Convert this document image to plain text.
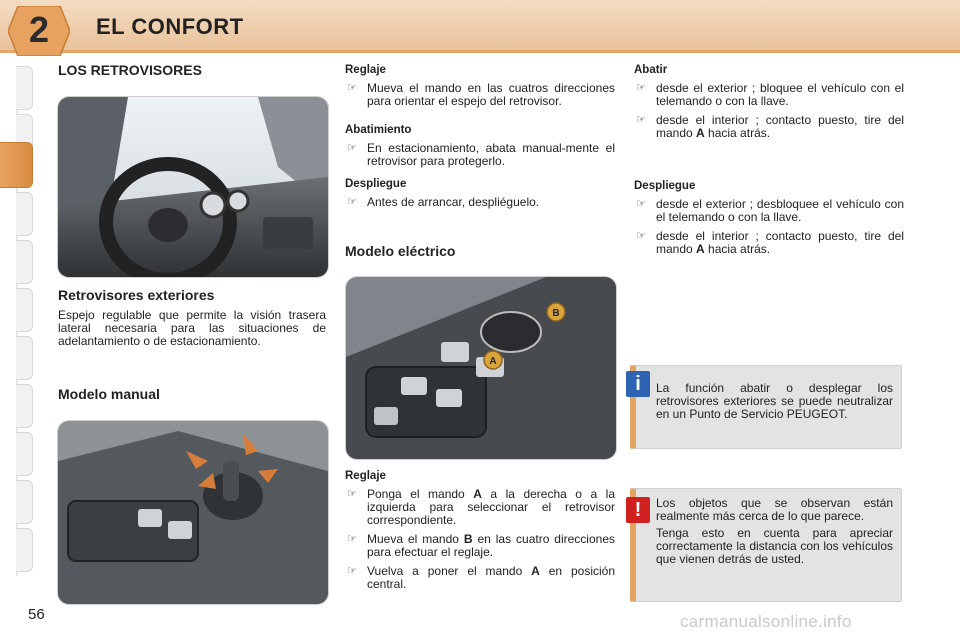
2	EL CONFORT
LOS RETROVISORES
Retrovisores exteriores
Espejo regulable que permite la visión trasera lateral necesaria para las situaciones de adelantamiento o de estacionamiento.
Modelo manual
Reglaje
☞ Mueva el mando en las cuatros direcciones para orientar el espejo del retrovisor.
Abatimiento
☞ En estacionamiento, abata manual-mente el retrovisor para protegerlo.
Despliegue
☞ Antes de arrancar, despliéguelo.
Modelo eléctrico
B
A
Reglaje
☞ Ponga el mando A a la derecha o a la izquierda para seleccionar el retrovisor correspondiente.
☞ Mueva el mando B en las cuatro direcciones para efectuar el reglaje.
☞ Vuelva a poner el mando A en posición central.
Abatir
☞ desde el exterior ; bloquee el vehículo con el telemando o con la llave.
☞ desde el interior ; contacto puesto, tire del mando A hacia atrás.
Despliegue
☞ desde el exterior ; desbloquee el vehículo con el telemando o con la llave.
☞ desde el interior ; contacto puesto, tire del mando A hacia atrás.

La función abatir o desplegar los retrovisores exteriores se puede neutralizar en un Punto de Servicio PEUGEOT.

i

Los objetos que se observan están realmente más cerca de lo que parece.

Tenga esto en cuenta para apreciar correctamente la distancia con los vehículos que vienen detrás de usted.

!
56	carmanualsonline.info
